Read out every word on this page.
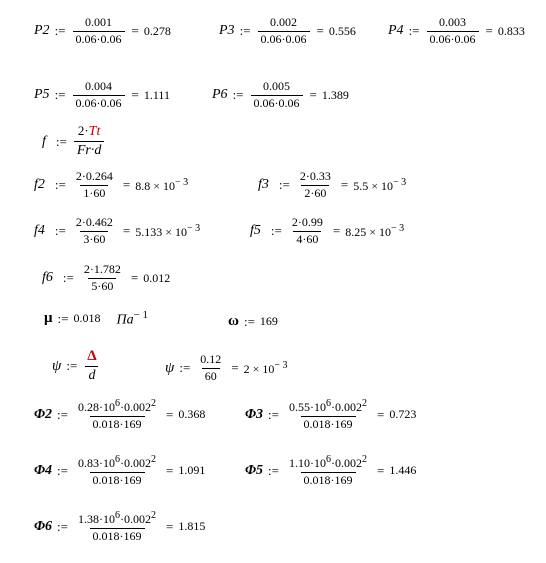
P2 := $\frac{0.001}{0.06\cdot 0.06} = 0.278$	P3 := $\frac{0.002}{0.06\cdot 0.06} = 0.556$ P4 := $\frac{0.003}{0.06\cdot 0.06} = 0.833$
P5 := $\frac{0.004}{0.06\cdot 0.06} = 1.111$	P6 := $\frac{0.005}{0.06\cdot 0.06} = 1.389$
f := $\frac{2\cdot Tt}{Fr\cdot d}$
f2 := $\frac{2\cdot 0.264}{1\cdot 60} = 8.8 \times 10^{- 3}$	f3 := $\frac{2\cdot 0.33}{2\cdot 60} = 5.5 \times 10^{- 3}$
f4 := $\frac{2\cdot 0.462}{3\cdot 60} = 5.133 \times 10^{- 3}$	f5 := $\frac{2\cdot 0.99}{4\cdot 60} = 8.25 \times 10^{- 3}$
f6 := $\frac{2\cdot 1.782}{5\cdot 60} = 0.012$
μ := 0.018 $Па^{- 1}$	ω := 169
ψ := $\frac{\Delta}{d}$	ψ := $\frac{0.12}{60} = 2 \times 10^{- 3}$
Φ2 := $\frac{0.28\cdot 10^6\cdot 0.002^2}{0.018\cdot 169} = 0.368$	Φ3 := $\frac{0.55\cdot 10^6\cdot 0.002^2}{0.018\cdot 169} = 0.723$
Φ4 := $\frac{0.83\cdot 10^6\cdot 0.002^2}{0.018\cdot 169} = 1.091$	Φ5 := $\frac{1.10\cdot 10^6\cdot 0.002^2}{0.018\cdot 169} = 1.446$
Φ6 := $\frac{1.38\cdot 10^6\cdot 0.002^2}{0.018\cdot 169} = 1.815$
